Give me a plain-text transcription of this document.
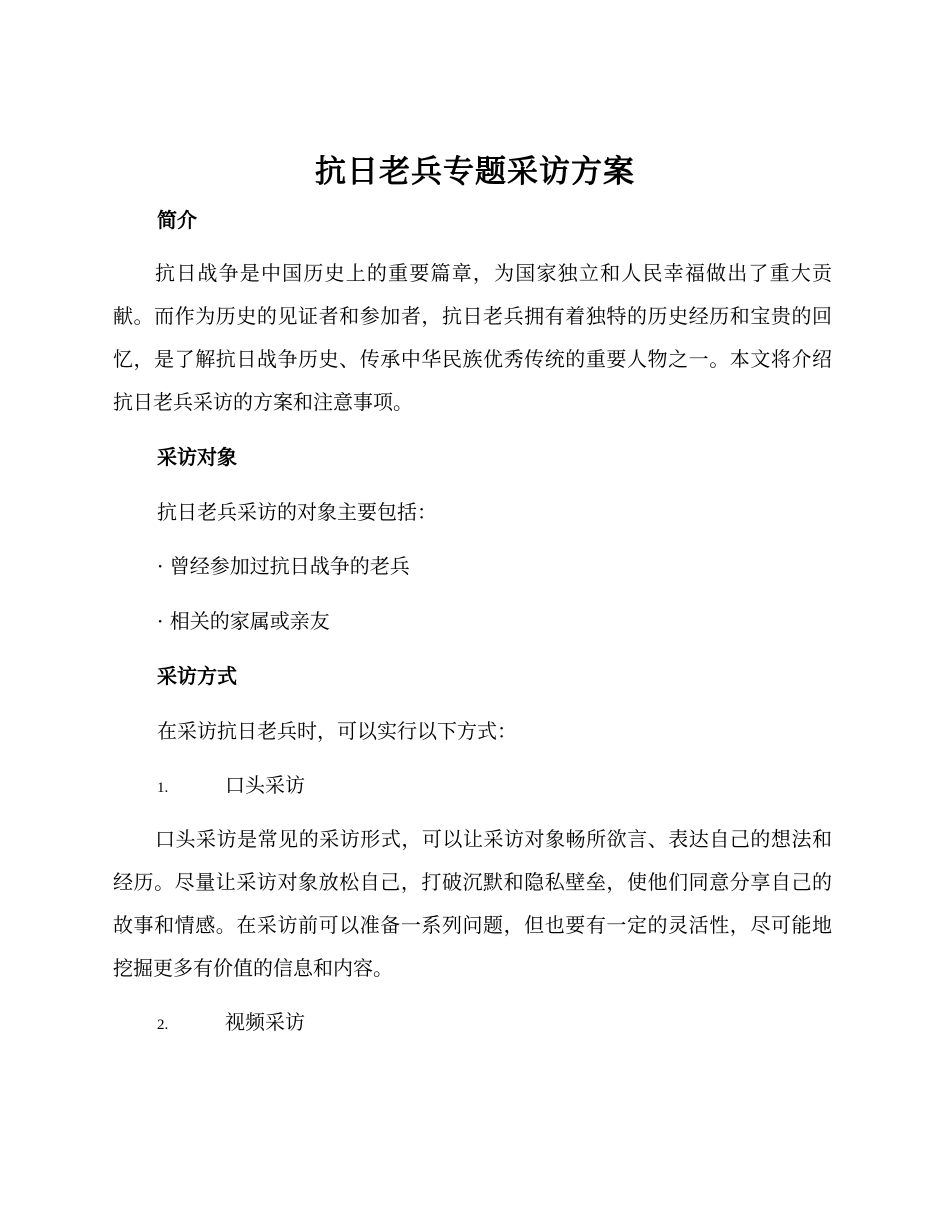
抗日老兵专题采访方案
简介

抗日战争是中国历史上的重要篇章，为国家独立和人民幸福做出了重大贡献。而作为历史的见证者和参加者，抗日老兵拥有着独特的历史经历和宝贵的回忆，是了解抗日战争历史、传承中华民族优秀传统的重要人物之一。本文将介绍抗日老兵采访的方案和注意事项。

采访对象

抗日老兵采访的对象主要包括：

· 曾经参加过抗日战争的老兵

· 相关的家属或亲友

采访方式

在采访抗日老兵时，可以实行以下方式：

1.	口头采访

口头采访是常见的采访形式，可以让采访对象畅所欲言、表达自己的想法和经历。尽量让采访对象放松自己，打破沉默和隐私壁垒，使他们同意分享自己的故事和情感。在采访前可以准备一系列问题，但也要有一定的灵活性，尽可能地挖掘更多有价值的信息和内容。

2.	视频采访
